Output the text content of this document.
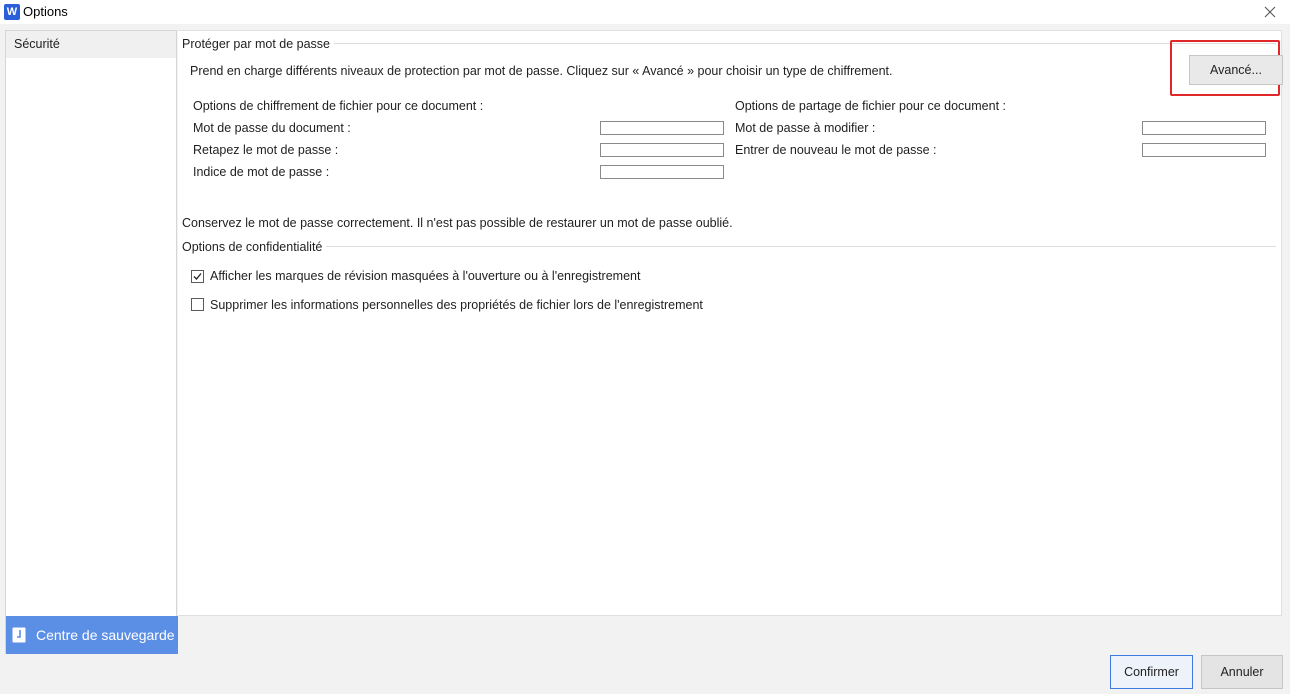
W Options
Sécurité
Centre de sauvegarde
Protéger par mot de passe
Prend en charge différents niveaux de protection par mot de passe. Cliquez sur « Avancé » pour choisir un type de chiffrement.	Avancé...
Options de chiffrement de fichier pour ce document :
Mot de passe du document :
Retapez le mot de passe :
Indice de mot de passe :
Options de partage de fichier pour ce document :
Mot de passe à modifier :
Entrer de nouveau le mot de passe :
Conservez le mot de passe correctement. Il n'est pas possible de restaurer un mot de passe oublié.
Options de confidentialité
Afficher les marques de révision masquées à l'ouverture ou à l'enregistrement
Supprimer les informations personnelles des propriétés de fichier lors de l'enregistrement
Confirmer	Annuler
